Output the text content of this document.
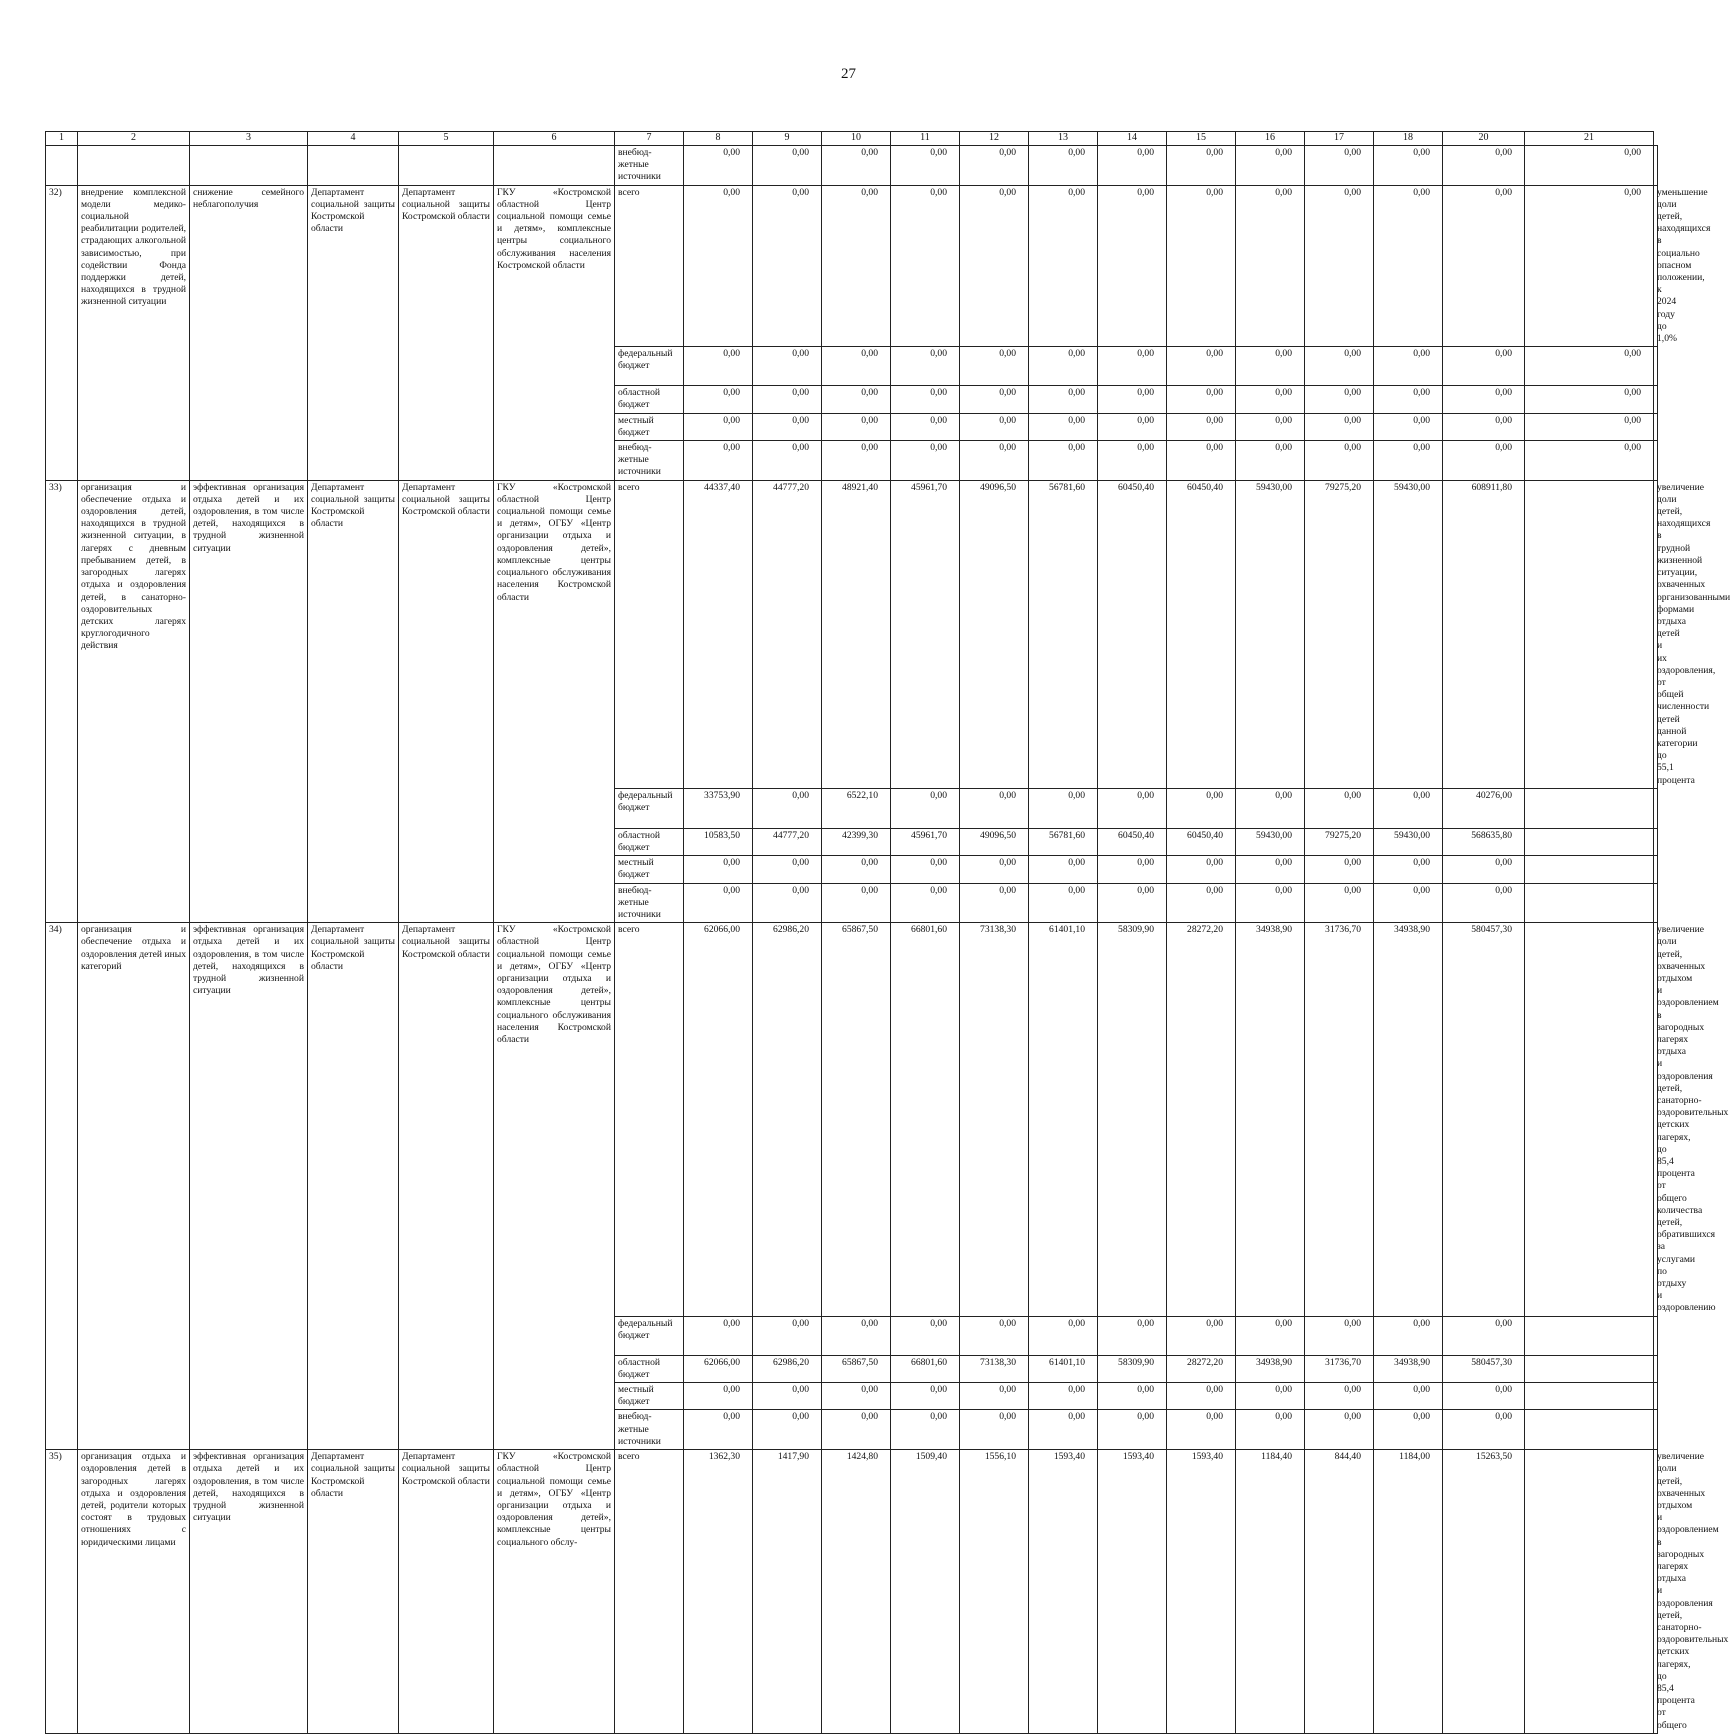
27
1	2	3	4	5	6	7	8	9	10	11	12	13	14	15	16	17	18	20	21	
						внебюд-жетные источники	0,00	0,00	0,00	0,00	0,00	0,00	0,00	0,00	0,00	0,00	0,00	0,00	0,00	
32)	внедрение комплексной модели медико-социальной реабилитации родителей, страдающих алкогольной зависимостью, при содействии Фонда поддержки детей, находящихся в трудной жизненной ситуации	снижение семейного неблагополучия	Департамент социальной защиты Костромской области	Департамент социальной защиты Костромской области	ГКУ «Костромской областной Центр социальной помощи семье и детям», комплексные центры социального обслуживания населения Костромской области	всего	0,00	0,00	0,00	0,00	0,00	0,00	0,00	0,00	0,00	0,00	0,00	0,00	0,00	уменьшение доли детей, находящихся в социально опасном положении, к 2024 году до 1,0%
						федеральный бюджет	0,00	0,00	0,00	0,00	0,00	0,00	0,00	0,00	0,00	0,00	0,00	0,00	0,00	
						областной бюджет	0,00	0,00	0,00	0,00	0,00	0,00	0,00	0,00	0,00	0,00	0,00	0,00	0,00	
						местный бюджет	0,00	0,00	0,00	0,00	0,00	0,00	0,00	0,00	0,00	0,00	0,00	0,00	0,00	
						внебюд-жетные источники	0,00	0,00	0,00	0,00	0,00	0,00	0,00	0,00	0,00	0,00	0,00	0,00	0,00	
33)	организация и обеспечение отдыха и оздоровления детей, находящихся в трудной жизненной ситуации, в лагерях с дневным пребыванием детей, в загородных лагерях отдыха и оздоровления детей, в санаторно-оздоровительных детских лагерях круглогодичного действия	эффективная организация отдыха детей и их оздоровления, в том числе детей, находящихся в трудной жизненной ситуации	Департамент социальной защиты Костромской области	Департамент социальной защиты Костромской области	ГКУ «Костромской областной Центр социальной помощи семье и детям», ОГБУ «Центр организации отдыха и оздоровления детей», комплексные центры социального обслуживания населения Костромской области	всего	44337,40	44777,20	48921,40	45961,70	49096,50	56781,60	60450,40	60450,40	59430,00	79275,20	59430,00	608911,80		увеличение доли детей, находящихся в трудной жизненной ситуации, охваченных организованными формами отдыха детей и их оздоровления, от общей численности детей данной категории до 55,1 процента
						федеральный бюджет	33753,90	0,00	6522,10	0,00	0,00	0,00	0,00	0,00	0,00	0,00	0,00	40276,00		
						областной бюджет	10583,50	44777,20	42399,30	45961,70	49096,50	56781,60	60450,40	60450,40	59430,00	79275,20	59430,00	568635,80		
						местный бюджет	0,00	0,00	0,00	0,00	0,00	0,00	0,00	0,00	0,00	0,00	0,00	0,00		
						внебюд-жетные источники	0,00	0,00	0,00	0,00	0,00	0,00	0,00	0,00	0,00	0,00	0,00	0,00		
34)	организация и обеспечение отдыха и оздоровления детей иных категорий	эффективная организация отдыха детей и их оздоровления, в том числе детей, находящихся в трудной жизненной ситуации	Департамент социальной защиты Костромской области	Департамент социальной защиты Костромской области	ГКУ «Костромской областной Центр социальной помощи семье и детям», ОГБУ «Центр организации отдыха и оздоровления детей», комплексные центры социального обслуживания населения Костромской области	всего	62066,00	62986,20	65867,50	66801,60	73138,30	61401,10	58309,90	28272,20	34938,90	31736,70	34938,90	580457,30		увеличение доли детей, охваченных отдыхом и оздоровлением в загородных лагерях отдыха и оздоровления детей, санаторно-оздоровительных детских лагерях, до 85,4 процента от общего количества детей, обратившихся за услугами по отдыху и оздоровлению
						федеральный бюджет	0,00	0,00	0,00	0,00	0,00	0,00	0,00	0,00	0,00	0,00	0,00	0,00		
						областной бюджет	62066,00	62986,20	65867,50	66801,60	73138,30	61401,10	58309,90	28272,20	34938,90	31736,70	34938,90	580457,30		
						местный бюджет	0,00	0,00	0,00	0,00	0,00	0,00	0,00	0,00	0,00	0,00	0,00	0,00		
						внебюд-жетные источники	0,00	0,00	0,00	0,00	0,00	0,00	0,00	0,00	0,00	0,00	0,00	0,00		
35)	организация отдыха и оздоровления детей в загородных лагерях отдыха и оздоровления детей, родители которых состоят в трудовых отношениях с юридическими лицами	эффективная организация отдыха детей и их оздоровления, в том числе детей, находящихся в трудной жизненной ситуации	Департамент социальной защиты Костромской области	Департамент социальной защиты Костромской области	ГКУ «Костромской областной Центр социальной помощи семье и детям», ОГБУ «Центр организации отдыха и оздоровления детей», комплексные центры социального обслу-	всего	1362,30	1417,90	1424,80	1509,40	1556,10	1593,40	1593,40	1593,40	1184,40	844,40	1184,00	15263,50		увеличение доли детей, охваченных отдыхом и оздоровлением в загородных лагерях отдыха и оздоровления детей, санаторно-оздоровительных детских лагерях, до 85,4 процента от общего
